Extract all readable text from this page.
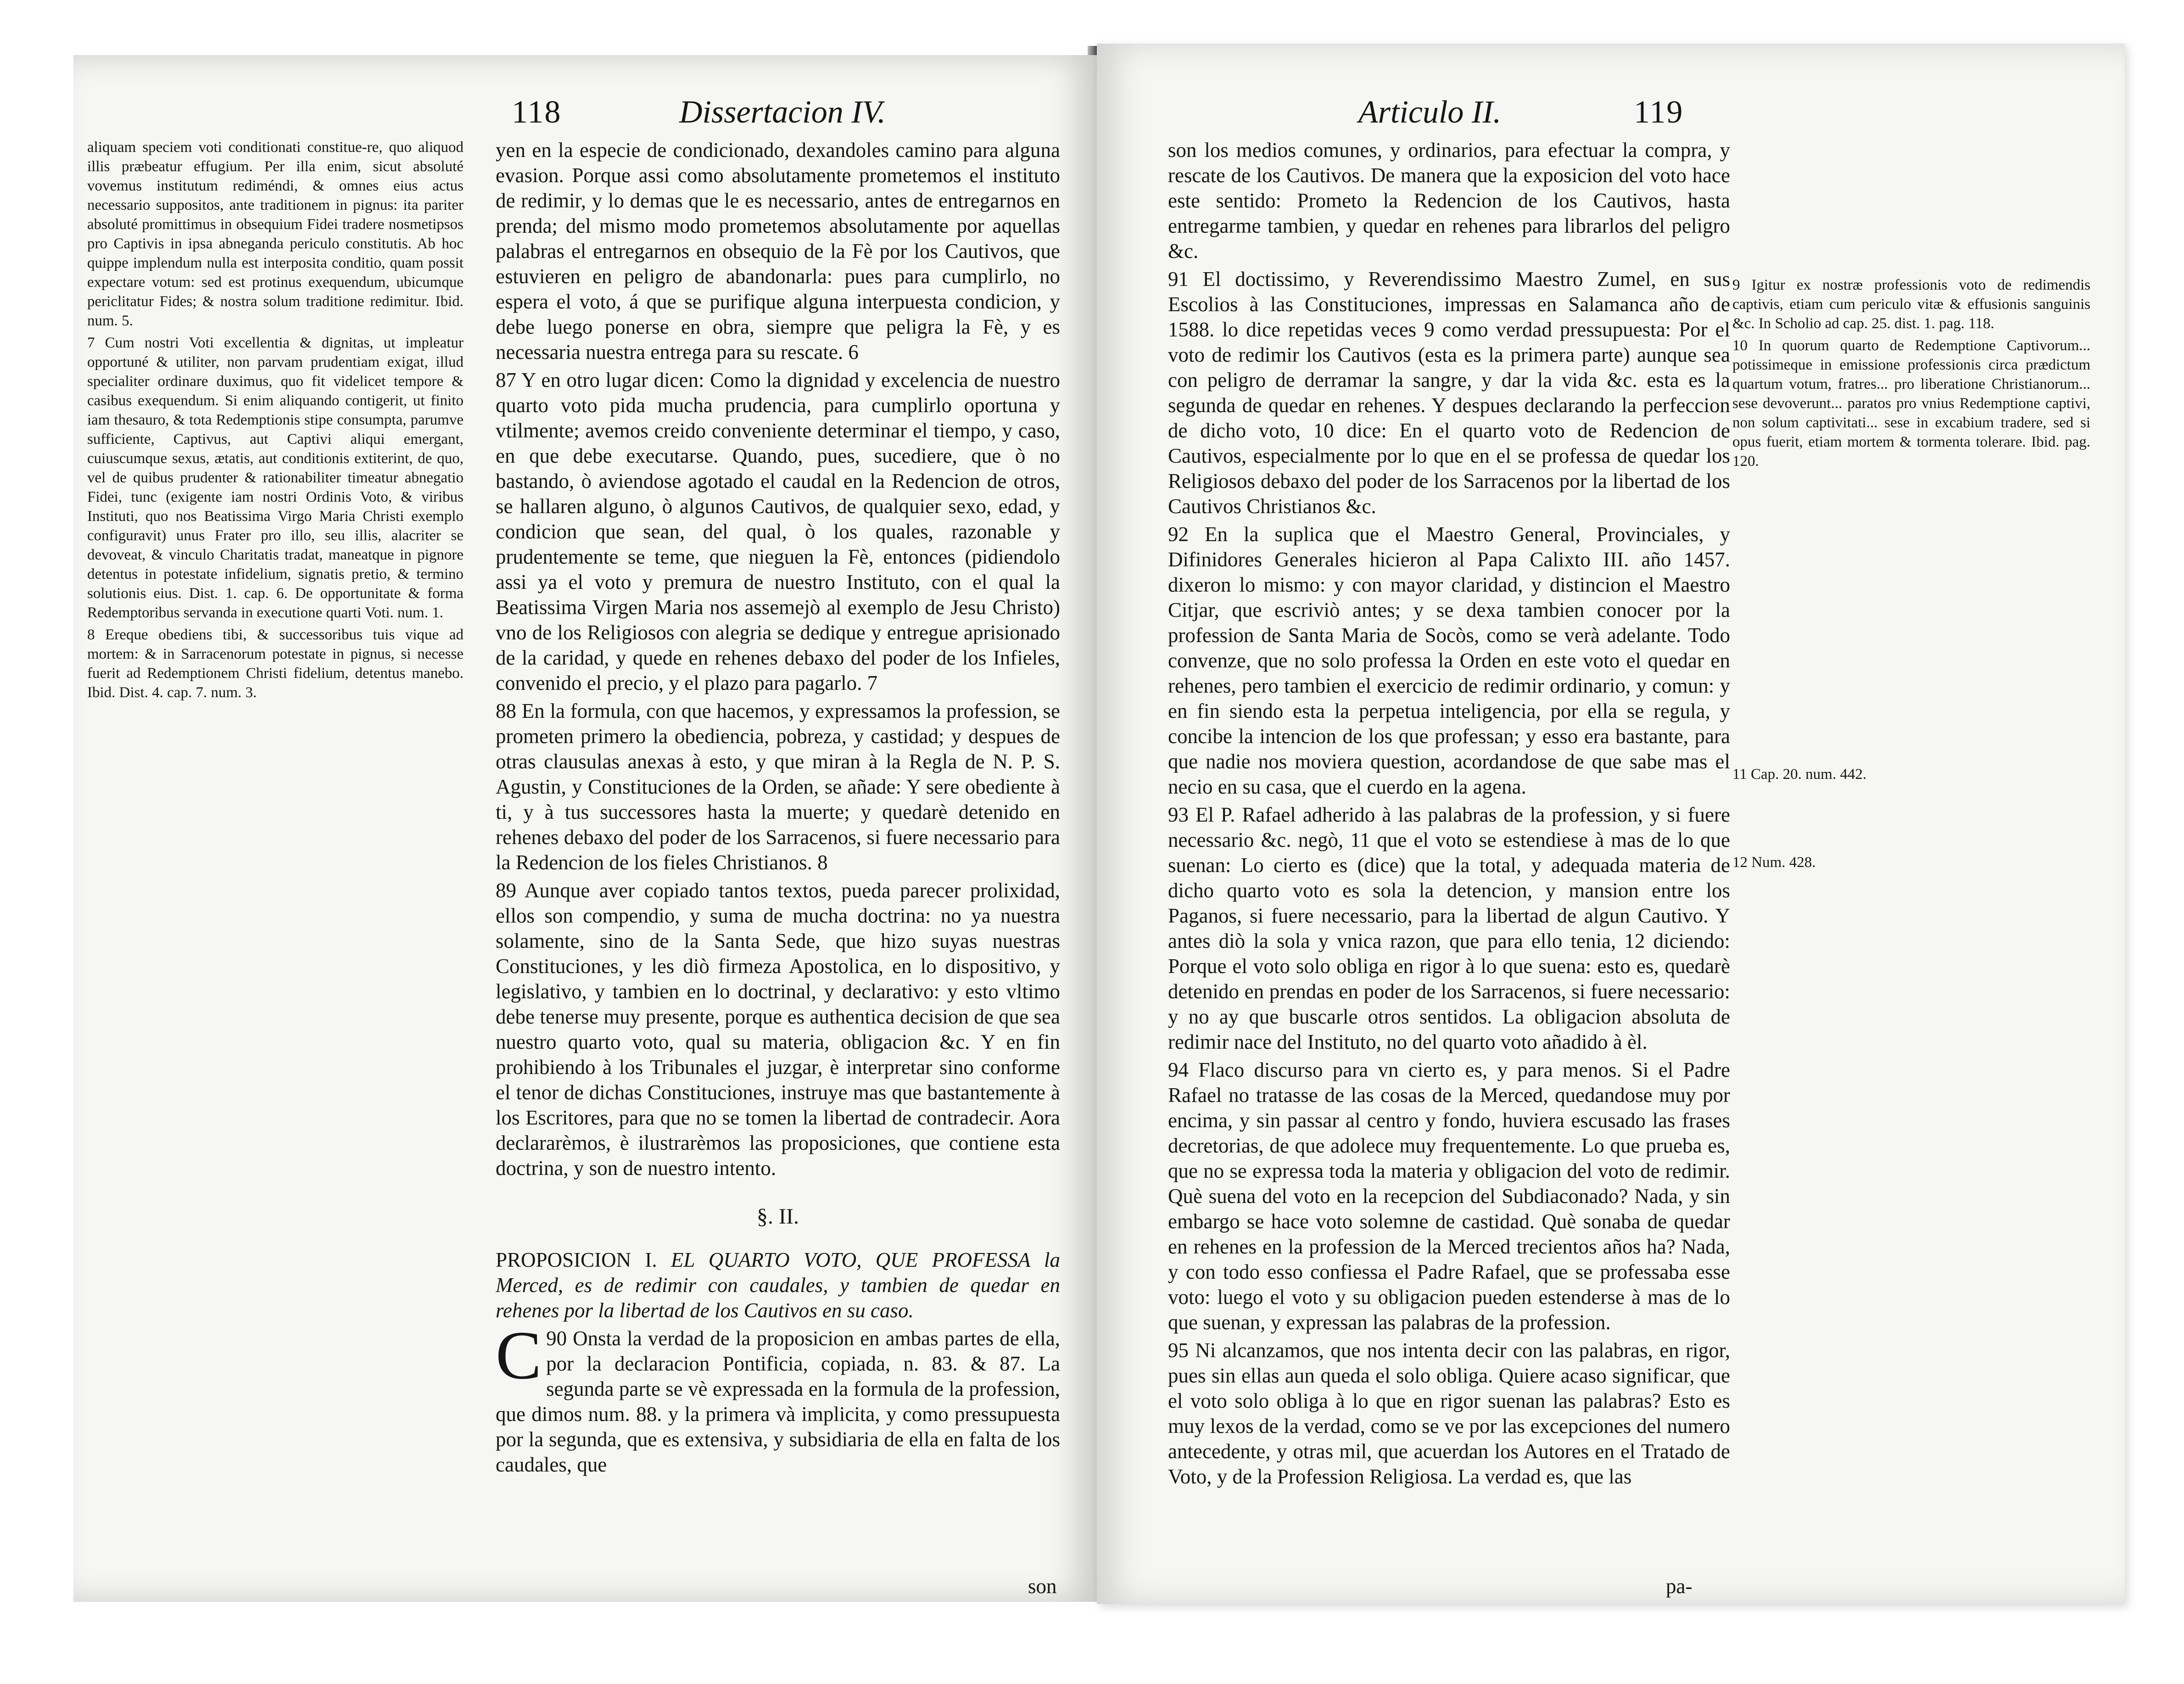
118	Dissertacion IV.

aliquam speciem voti conditionati constitue-re, quo aliquod illis præbeatur effugium. Per illa enim, sicut absoluté vovemus institutum rediméndi, & omnes eius actus necessario suppositos, ante traditionem in pignus: ita pariter absoluté promittimus in obsequium Fidei tradere nosmetipsos pro Captivis in ipsa abneganda periculo constitutis. Ab hoc quippe implendum nulla est interposita conditio, quam possit expectare votum: sed est protinus exequendum, ubicumque periclitatur Fides; & nostra solum traditione redimitur. Ibid. num. 5.

7 Cum nostri Voti excellentia & dignitas, ut impleatur opportuné & utiliter, non parvam prudentiam exigat, illud specialiter ordinare duximus, quo fit videlicet tempore & casibus exequendum. Si enim aliquando contigerit, ut finito iam thesauro, & tota Redemptionis stipe consumpta, parumve sufficiente, Captivus, aut Captivi aliqui emergant, cuiuscumque sexus, ætatis, aut conditionis extiterint, de quo, vel de quibus prudenter & rationabiliter timeatur abnegatio Fidei, tunc (exigente iam nostri Ordinis Voto, & viribus Instituti, quo nos Beatissima Virgo Maria Christi exemplo configuravit) unus Frater pro illo, seu illis, alacriter se devoveat, & vinculo Charitatis tradat, maneatque in pignore detentus in potestate infidelium, signatis pretio, & termino solutionis eius. Dist. 1. cap. 6. De opportunitate & forma Redemptoribus servanda in executione quarti Voti. num. 1.

8 Ereque obediens tibi, & successoribus tuis vique ad mortem: & in Sarracenorum potestate in pignus, si necesse fuerit ad Redemptionem Christi fidelium, detentus manebo. Ibid. Dist. 4. cap. 7. num. 3.

yen en la especie de condicionado, dexandoles camino para alguna evasion. Porque assi como absolutamente prometemos el instituto de redimir, y lo demas que le es necessario, antes de entregarnos en prenda; del mismo modo prometemos absolutamente por aquellas palabras el entregarnos en obsequio de la Fè por los Cautivos, que estuvieren en peligro de abandonarla: pues para cumplirlo, no espera el voto, á que se purifique alguna interpuesta condicion, y debe luego ponerse en obra, siempre que peligra la Fè, y es necessaria nuestra entrega para su rescate. 6

87 Y en otro lugar dicen: Como la dignidad y excelencia de nuestro quarto voto pida mucha prudencia, para cumplirlo oportuna y vtilmente; avemos creido conveniente determinar el tiempo, y caso, en que debe executarse. Quando, pues, sucediere, que ò no bastando, ò aviendose agotado el caudal en la Redencion de otros, se hallaren alguno, ò algunos Cautivos, de qualquier sexo, edad, y condicion que sean, del qual, ò los quales, razonable y prudentemente se teme, que nieguen la Fè, entonces (pidiendolo assi ya el voto y premura de nuestro Instituto, con el qual la Beatissima Virgen Maria nos assemejò al exemplo de Jesu Christo) vno de los Religiosos con alegria se dedique y entregue aprisionado de la caridad, y quede en rehenes debaxo del poder de los Infieles, convenido el precio, y el plazo para pagarlo. 7

88 En la formula, con que hacemos, y expressamos la profession, se prometen primero la obediencia, pobreza, y castidad; y despues de otras clausulas anexas à esto, y que miran à la Regla de N. P. S. Agustin, y Constituciones de la Orden, se añade: Y sere obediente à ti, y à tus successores hasta la muerte; y quedarè detenido en rehenes debaxo del poder de los Sarracenos, si fuere necessario para la Redencion de los fieles Christianos. 8

89 Aunque aver copiado tantos textos, pueda parecer prolixidad, ellos son compendio, y suma de mucha doctrina: no ya nuestra solamente, sino de la Santa Sede, que hizo suyas nuestras Constituciones, y les diò firmeza Apostolica, en lo dispositivo, y legislativo, y tambien en lo doctrinal, y declarativo: y esto vltimo debe tenerse muy presente, porque es authentica decision de que sea nuestro quarto voto, qual su materia, obligacion &c. Y en fin prohibiendo à los Tribunales el juzgar, è interpretar sino conforme el tenor de dichas Constituciones, instruye mas que bastantemente à los Escritores, para que no se tomen la libertad de contradecir. Aora declararèmos, è ilustrarèmos las proposiciones, que contiene esta doctrina, y son de nuestro intento.

§. II.

PROPOSICION I. EL QUARTO VOTO, QUE PROFESSA la Merced, es de redimir con caudales, y tambien de quedar en rehenes por la libertad de los Cautivos en su caso.

90
C Onsta la verdad de la proposicion en ambas partes de ella, por la declaracion Pontificia, copiada, n. 83. & 87. La segunda parte se vè expressada en la formula de la profession, que dimos num. 88. y la primera và implicita, y como pressupuesta por la segunda, que es extensiva, y subsidiaria de ella en falta de los caudales, que

son
Articulo II.	119

son los medios comunes, y ordinarios, para efectuar la compra, y rescate de los Cautivos. De manera que la exposicion del voto hace este sentido: Prometo la Redencion de los Cautivos, hasta entregarme tambien, y quedar en rehenes para librarlos del peligro &c.

91 El doctissimo, y Reverendissimo Maestro Zumel, en sus Escolios à las Constituciones, impressas en Salamanca año de 1588. lo dice repetidas veces 9 como verdad pressupuesta: Por el voto de redimir los Cautivos (esta es la primera parte) aunque sea con peligro de derramar la sangre, y dar la vida &c. esta es la segunda de quedar en rehenes. Y despues declarando la perfeccion de dicho voto, 10 dice: En el quarto voto de Redencion de Cautivos, especialmente por lo que en el se professa de quedar los Religiosos debaxo del poder de los Sarracenos por la libertad de los Cautivos Christianos &c.

92 En la suplica que el Maestro General, Provinciales, y Difinidores Generales hicieron al Papa Calixto III. año 1457. dixeron lo mismo: y con mayor claridad, y distincion el Maestro Citjar, que escriviò antes; y se dexa tambien conocer por la profession de Santa Maria de Socòs, como se verà adelante. Todo convenze, que no solo professa la Orden en este voto el quedar en rehenes, pero tambien el exercicio de redimir ordinario, y comun: y en fin siendo esta la perpetua inteligencia, por ella se regula, y concibe la intencion de los que professan; y esso era bastante, para que nadie nos moviera question, acordandose de que sabe mas el necio en su casa, que el cuerdo en la agena.

93 El P. Rafael adherido à las palabras de la profession, y si fuere necessario &c. negò, 11 que el voto se estendiese à mas de lo que suenan: Lo cierto es (dice) que la total, y adequada materia de dicho quarto voto es sola la detencion, y mansion entre los Paganos, si fuere necessario, para la libertad de algun Cautivo. Y antes diò la sola y vnica razon, que para ello tenia, 12 diciendo: Porque el voto solo obliga en rigor à lo que suena: esto es, quedarè detenido en prendas en poder de los Sarracenos, si fuere necessario: y no ay que buscarle otros sentidos. La obligacion absoluta de redimir nace del Instituto, no del quarto voto añadido à èl.

94 Flaco discurso para vn cierto es, y para menos. Si el Padre Rafael no tratasse de las cosas de la Merced, quedandose muy por encima, y sin passar al centro y fondo, huviera escusado las frases decretorias, de que adolece muy frequentemente. Lo que prueba es, que no se expressa toda la materia y obligacion del voto de redimir. Què suena del voto en la recepcion del Subdiaconado? Nada, y sin embargo se hace voto solemne de castidad. Què sonaba de quedar en rehenes en la profession de la Merced trecientos años ha? Nada, y con todo esso confiessa el Padre Rafael, que se professaba esse voto: luego el voto y su obligacion pueden estenderse à mas de lo que suenan, y expressan las palabras de la profession.

95 Ni alcanzamos, que nos intenta decir con las palabras, en rigor, pues sin ellas aun queda el solo obliga. Quiere acaso significar, que el voto solo obliga à lo que en rigor suenan las palabras? Esto es muy lexos de la verdad, como se ve por las excepciones del numero antecedente, y otras mil, que acuerdan los Autores en el Tratado de Voto, y de la Profession Religiosa. La verdad es, que las

pa-

9 Igitur ex nostræ professionis voto de redimendis captivis, etiam cum periculo vitæ & effusionis sanguinis &c. In Scholio ad cap. 25. dist. 1. pag. 118.

10 In quorum quarto de Redemptione Captivorum... potissimeque in emissione professionis circa prædictum quartum votum, fratres... pro liberatione Christianorum... sese devoverunt... paratos pro vnius Redemptione captivi, non solum captivitati... sese in excabium tradere, sed si opus fuerit, etiam mortem & tormenta tolerare. Ibid. pag. 120.

11 Cap. 20. num. 442.

12 Num. 428.
